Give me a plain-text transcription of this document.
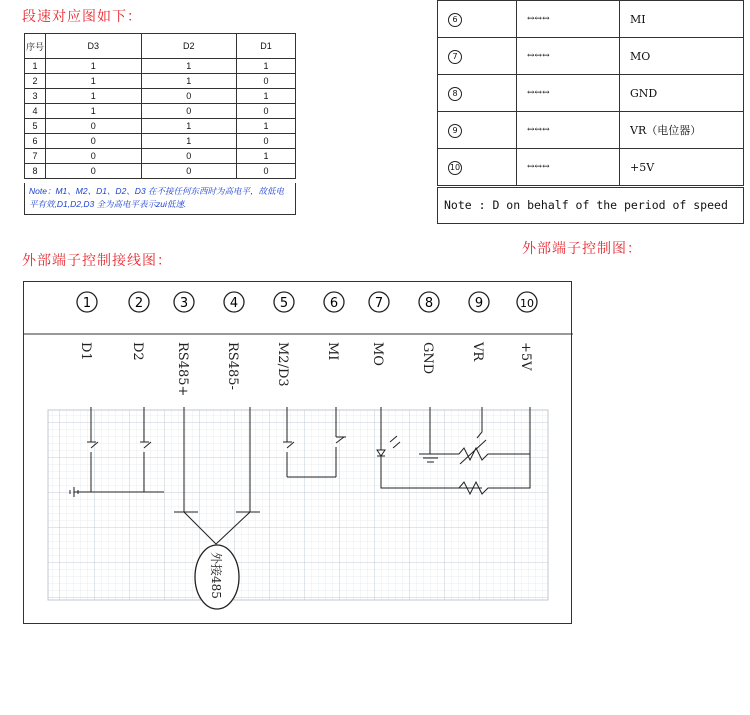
段速对应图如下：
序号	D3	D2	D1
1	1	1	1
2	1	1	0
3	1	0	1
4	1	0	0
5	0	1	1
6	0	1	0
7	0	0	1
8	0	0	0
Note：M1、M2、D1、D2、D3 在不接任何东西时为高电平，故低电平有效,D1,D2,D3 全为高电平表示zui低速.
6	↔↔↔	MI
7	↔↔↔	MO
8	↔↔↔	GND
9	↔↔↔	VR（电位器）
10	↔↔↔	+5V
Note : D on behalf of the period of speed
外部端子控制图：
外部端子控制接线图：
1
D1
2
D2
3
RS485+
4
RS485-
5
M2/D3
6
MI
7
MO
8
GND
9
VR
10
+5V
外接485
